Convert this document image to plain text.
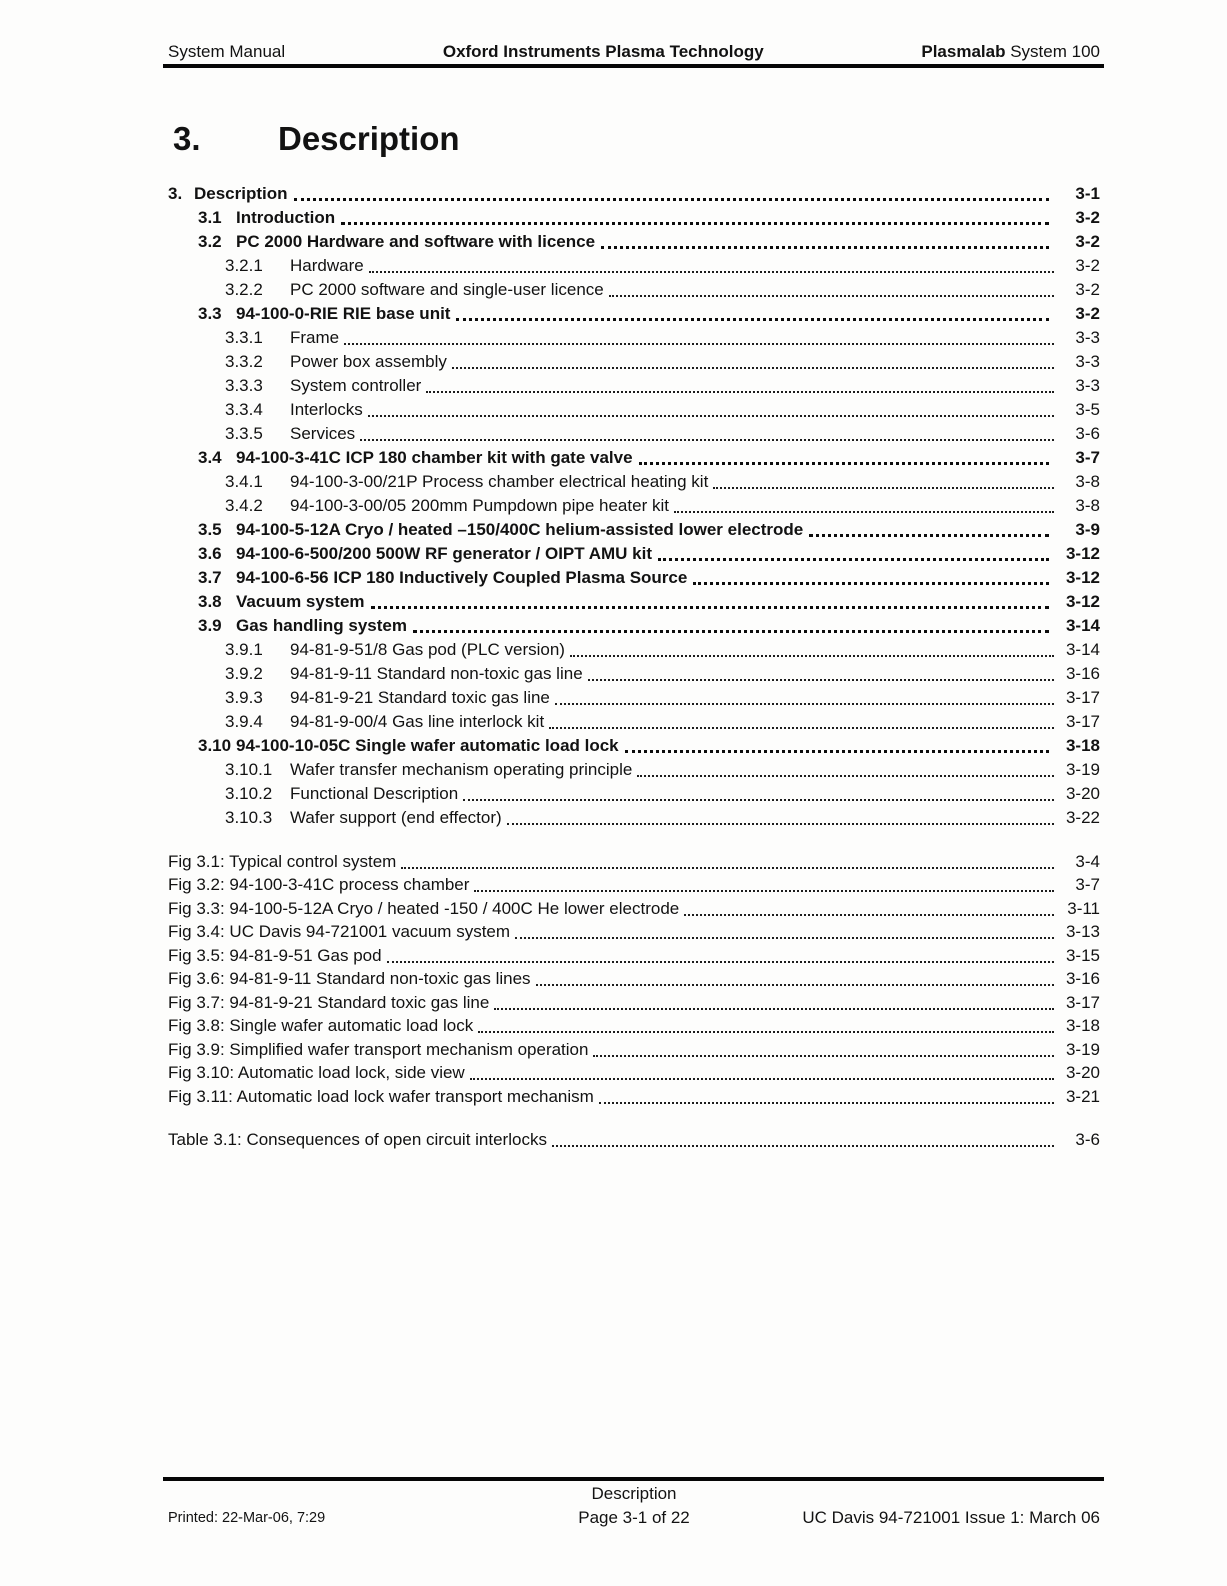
System Manual	Oxford Instruments Plasma Technology	Plasmalab System 100
3. Description
3. Description	3-1
3.1 Introduction	3-2
3.2 PC 2000 Hardware and software with licence	3-2
3.2.1	Hardware	3-2
3.2.2	PC 2000 software and single-user licence	3-2
3.3 94-100-0-RIE RIE base unit	3-2
3.3.1	Frame	3-3
3.3.2	Power box assembly	3-3
3.3.3	System controller	3-3
3.3.4	Interlocks	3-5
3.3.5	Services	3-6
3.4 94-100-3-41C ICP 180 chamber kit with gate valve	3-7
3.4.1	94-100-3-00/21P Process chamber electrical heating kit	3-8
3.4.2	94-100-3-00/05 200mm Pumpdown pipe heater kit	3-8
3.5 94-100-5-12A Cryo / heated –150/400C helium-assisted lower electrode	3-9
3.6 94-100-6-500/200 500W RF generator / OIPT AMU kit	3-12
3.7 94-100-6-56 ICP 180 Inductively Coupled Plasma Source	3-12
3.8 Vacuum system	3-12
3.9 Gas handling system	3-14
3.9.1	94-81-9-51/8 Gas pod (PLC version)	3-14
3.9.2	94-81-9-11 Standard non-toxic gas line	3-16
3.9.3	94-81-9-21 Standard toxic gas line	3-17
3.9.4	94-81-9-00/4 Gas line interlock kit	3-17
3.10 94-100-10-05C Single wafer automatic load lock	3-18
3.10.1	Wafer transfer mechanism operating principle	3-19
3.10.2	Functional Description	3-20
3.10.3	Wafer support (end effector)	3-22
Fig 3.1: Typical control system	3-4
Fig 3.2: 94-100-3-41C process chamber	3-7
Fig 3.3: 94-100-5-12A Cryo / heated -150 / 400C He lower electrode	3-11
Fig 3.4: UC Davis 94-721001 vacuum system	3-13
Fig 3.5: 94-81-9-51 Gas pod	3-15
Fig 3.6: 94-81-9-11 Standard non-toxic gas lines	3-16
Fig 3.7: 94-81-9-21 Standard toxic gas line	3-17
Fig 3.8: Single wafer automatic load lock	3-18
Fig 3.9: Simplified wafer transport mechanism operation	3-19
Fig 3.10: Automatic load lock, side view	3-20
Fig 3.11: Automatic load lock wafer transport mechanism	3-21
Table 3.1: Consequences of open circuit interlocks	3-6
Description
Printed: 22-Mar-06, 7:29	Page 3-1 of 22	UC Davis 94-721001 Issue 1: March 06
